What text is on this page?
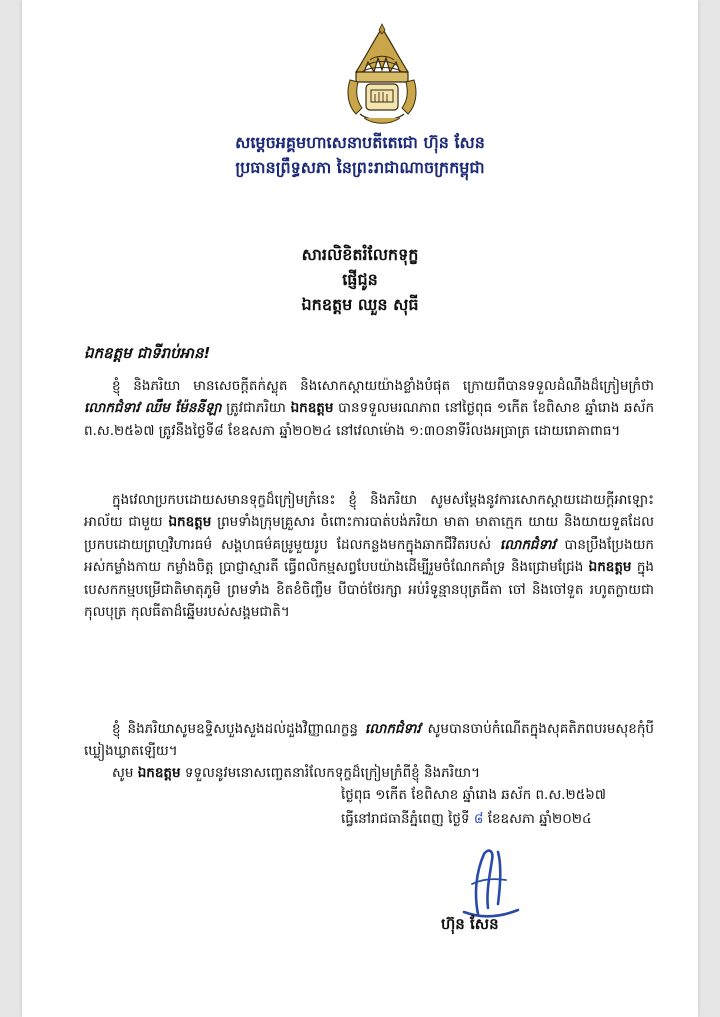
សម្តេចអគ្គមហាសេនាបតីតេជោ ហ៊ុន សែន
ប្រធានព្រឹទ្ធសភា នៃព្រះរាជាណាចក្រកម្ពុជា
សារលិខិតរំលែកទុក្ខ
ផ្ញើជូន
ឯកឧត្តម ឈួន សុធី
ឯកឧត្តម ជាទីរាប់អាន!
ខ្ញុំ និងភរិយា មានសេចក្តីតក់ស្លុត និងសោកស្តាយយ៉ាងខ្លាំងបំផុត ក្រោយពីបានទទួលដំណឹងដ៏ក្រៀមក្រំថា លោកជំទាវ ឈឹម ម៉ែននីឡា ត្រូវជាភរិយា ឯកឧត្តម បានទទួលមរណភាព នៅថ្ងៃពុធ ១កើត ខែពិសាខ ឆ្នាំរោង ឆស័ក ព.ស.២៥៦៧ ត្រូវនឹងថ្ងៃទី៨ ខែឧសភា ឆ្នាំ២០២៤ នៅវេលាម៉ោង ១:៣០នាទីរំលងអធ្រាត្រ ដោយរោគាពាធ។
ក្នុងវេលាប្រកបដោយសមានទុក្ខដ៏ក្រៀមក្រំនេះ ខ្ញុំ និងភរិយា សូមសម្តែងនូវការសោកស្តាយដោយក្តីអាឡោះអាល័យ ជាមួយ ឯកឧត្តម ព្រមទាំងក្រុមគ្រួសារ ចំពោះការបាត់បង់ភរិយា មាតា មាតាក្មេក យាយ និងយាយទួតដែលប្រកបដោយព្រហ្មវិហារធម៌ សង្គហធម៌គម្រូមួយរូប ដែលកន្លងមកក្នុងឆាកជីវិតរបស់ លោកជំទាវ បានប្រឹងប្រែងយកអស់កម្លាំងកាយ កម្លាំងចិត្ត ប្រាជ្ញាស្មារតី ធ្វើពលិកម្មសព្វបែបយ៉ាងដើម្បីរួមចំណែកគាំទ្រ និងជ្រោមជ្រែង ឯកឧត្តម ក្នុងបេសកកម្មបម្រើជាតិមាតុភូមិ ព្រមទាំង ខិតខំចិញ្ចឹម បីបាច់ថែរក្សា អប់រំទូន្មានបុត្រធីតា ចៅ និងចៅទួត រហូតក្លាយជាកុលបុត្រ កុលធីតាដ៏ឆ្នើមរបស់សង្គមជាតិ។
ខ្ញុំ និងភរិយាសូមឧទ្ទិសបួងសួងដល់ដួងវិញ្ញាណក្ខន្ធ លោកជំទាវ សូមបានចាប់កំណើតក្នុងសុគតិភពបរមសុខកុំបីឃ្លៀងឃ្លាតឡើយ។
សូម ឯកឧត្តម ទទួលនូវមនោសញ្ចេតនារំលែកទុក្ខដ៏ក្រៀមក្រំពីខ្ញុំ និងភរិយា។
ថ្ងៃពុធ ១កើត ខែពិសាខ ឆ្នាំរោង ឆស័ក ព.ស.២៥៦៧
ធ្វើនៅរាជធានីភ្នំពេញ ថ្ងៃទី ៨ ខែឧសភា ឆ្នាំ២០២៤
ហ៊ុន សែន
